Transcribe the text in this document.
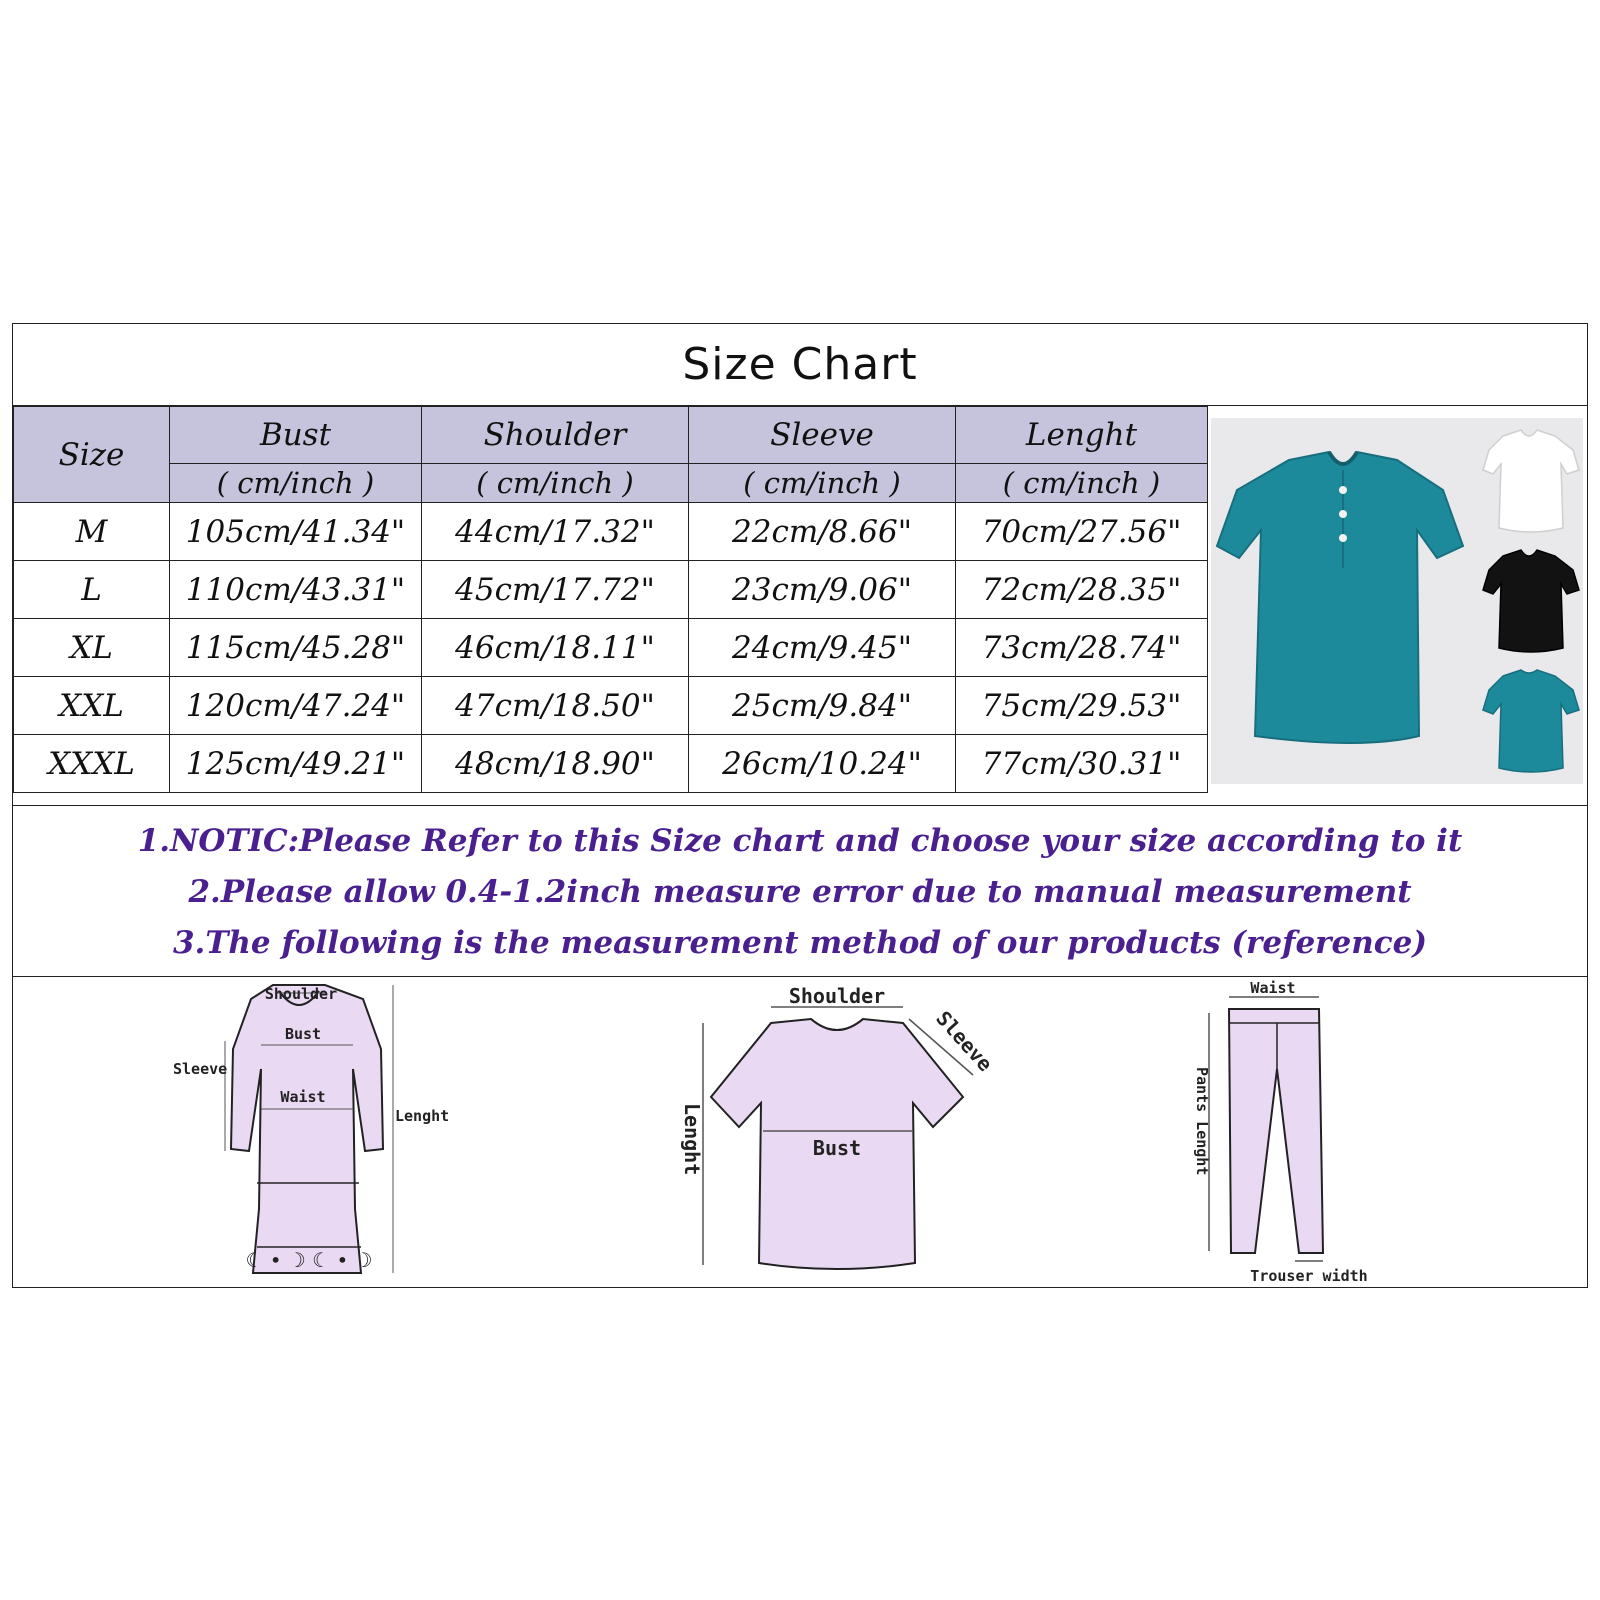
Size Chart
Size	Bust	Shoulder	Sleeve	Lenght
	( cm/inch )	( cm/inch )	( cm/inch )	( cm/inch )
M	105cm/41.34"	44cm/17.32"	22cm/8.66"	70cm/27.56"
L	110cm/43.31"	45cm/17.72"	23cm/9.06"	72cm/28.35"
XL	115cm/45.28"	46cm/18.11"	24cm/9.45"	73cm/28.74"
XXL	120cm/47.24"	47cm/18.50"	25cm/9.84"	75cm/29.53"
XXXL	125cm/49.21"	48cm/18.90"	26cm/10.24"	77cm/30.31"
1.NOTIC:Please Refer to this Size chart and choose your size according to it
2.Please allow 0.4-1.2inch measure error due to manual measurement
3.The following is the measurement method of our products (reference)
☾ • ☽ ☾ • ☽
Shoulder
Bust
Waist
Sleeve
Lenght
Shoulder
Sleeve
Bust
Lenght
Waist
Pants Lenght
Trouser width
